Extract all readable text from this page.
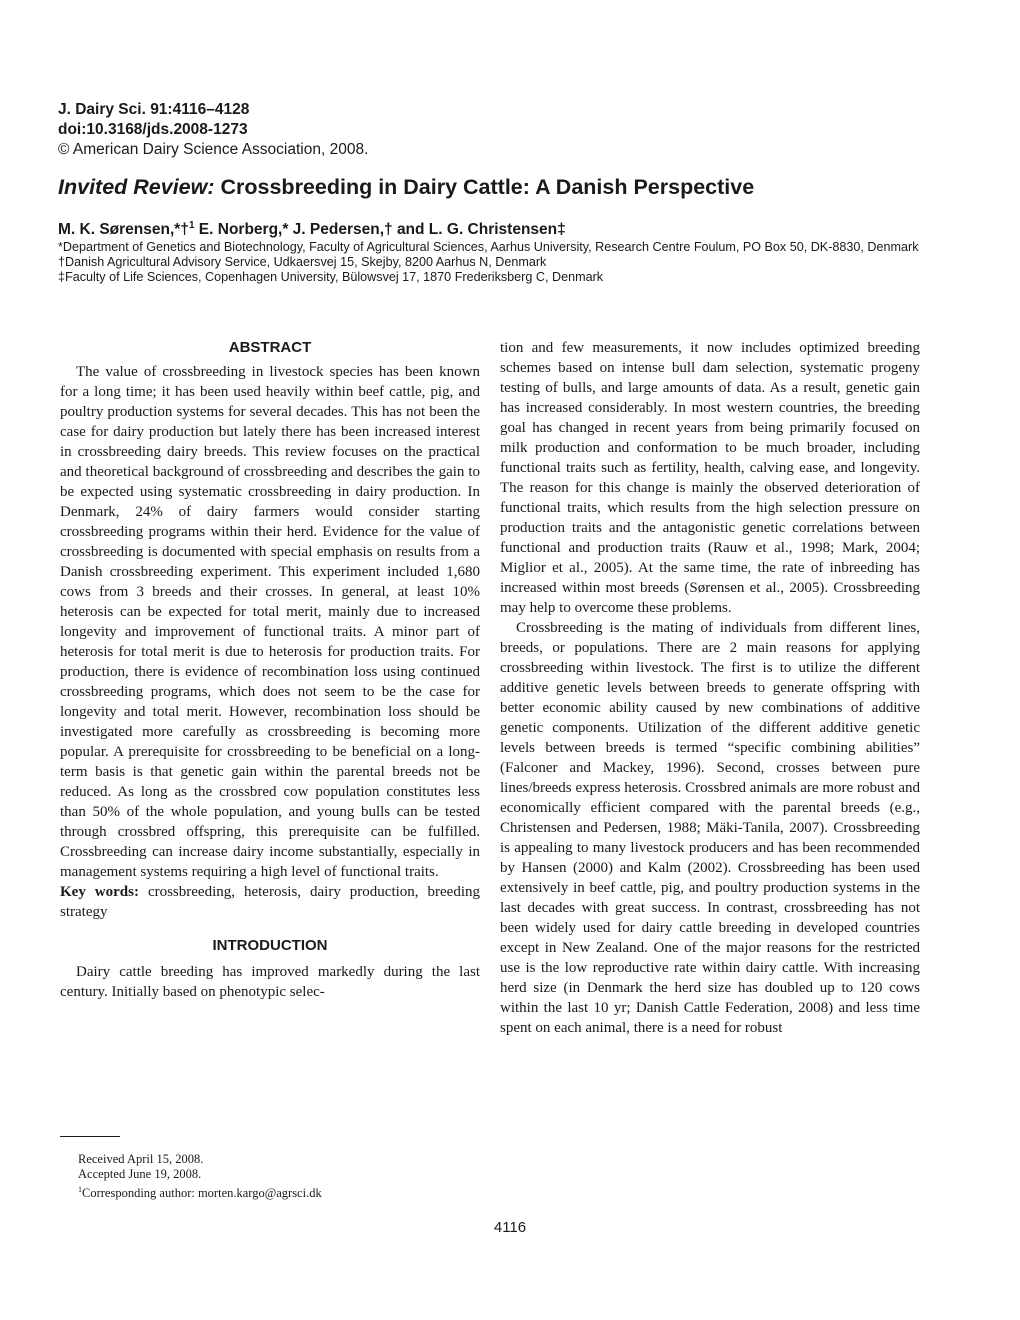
J. Dairy Sci. 91:4116–4128
doi:10.3168/jds.2008-1273
© American Dairy Science Association, 2008.
Invited Review: Crossbreeding in Dairy Cattle: A Danish Perspective
M. K. Sørensen,*†$^1$ E. Norberg,* J. Pedersen,† and L. G. Christensen‡
*Department of Genetics and Biotechnology, Faculty of Agricultural Sciences, Aarhus University, Research Centre Foulum, PO Box 50, DK-8830, Denmark
†Danish Agricultural Advisory Service, Udkaersvej 15, Skejby, 8200 Aarhus N, Denmark
‡Faculty of Life Sciences, Copenhagen University, Bülowsvej 17, 1870 Frederiksberg C, Denmark
ABSTRACT

The value of crossbreeding in livestock species has been known for a long time; it has been used heavily within beef cattle, pig, and poultry production systems for several decades. This has not been the case for dairy production but lately there has been increased interest in crossbreeding dairy breeds. This review focuses on the practical and theoretical background of crossbreeding and describes the gain to be expected using systematic crossbreeding in dairy production. In Denmark, 24% of dairy farmers would consider starting crossbreeding programs within their herd. Evidence for the value of crossbreeding is documented with special emphasis on results from a Danish crossbreeding experiment. This experiment included 1,680 cows from 3 breeds and their crosses. In general, at least 10% heterosis can be expected for total merit, mainly due to increased longevity and improvement of functional traits. A minor part of heterosis for total merit is due to heterosis for production traits. For production, there is evidence of recombination loss using continued crossbreeding programs, which does not seem to be the case for longevity and total merit. However, recombination loss should be investigated more carefully as crossbreeding is becoming more popular. A prerequisite for crossbreeding to be beneficial on a long-term basis is that genetic gain within the parental breeds not be reduced. As long as the crossbred cow population constitutes less than 50% of the whole population, and young bulls can be tested through crossbred offspring, this prerequisite can be fulfilled. Crossbreeding can increase dairy income substantially, especially in management systems requiring a high level of functional traits.

Key words: crossbreeding, heterosis, dairy production, breeding strategy

INTRODUCTION

Dairy cattle breeding has improved markedly during the last century. Initially based on phenotypic selec-

tion and few measurements, it now includes optimized breeding schemes based on intense bull dam selection, systematic progeny testing of bulls, and large amounts of data. As a result, genetic gain has increased considerably. In most western countries, the breeding goal has changed in recent years from being primarily focused on milk production and conformation to be much broader, including functional traits such as fertility, health, calving ease, and longevity. The reason for this change is mainly the observed deterioration of functional traits, which results from the high selection pressure on production traits and the antagonistic genetic correlations between functional and production traits (Rauw et al., 1998; Mark, 2004; Miglior et al., 2005). At the same time, the rate of inbreeding has increased within most breeds (Sørensen et al., 2005). Crossbreeding may help to overcome these problems.

Crossbreeding is the mating of individuals from different lines, breeds, or populations. There are 2 main reasons for applying crossbreeding within livestock. The first is to utilize the different additive genetic levels between breeds to generate offspring with better economic ability caused by new combinations of additive genetic components. Utilization of the different additive genetic levels between breeds is termed “specific combining abilities” (Falconer and Mackey, 1996). Second, crosses between pure lines/breeds express heterosis. Crossbred animals are more robust and economically efficient compared with the parental breeds (e.g., Christensen and Pedersen, 1988; Mäki-Tanila, 2007). Crossbreeding is appealing to many livestock producers and has been recommended by Hansen (2000) and Kalm (2002). Crossbreeding has been used extensively in beef cattle, pig, and poultry production systems in the last decades with great success. In contrast, crossbreeding has not been widely used for dairy cattle breeding in developed countries except in New Zealand. One of the major reasons for the restricted use is the low reproductive rate within dairy cattle. With increasing herd size (in Denmark the herd size has doubled up to 120 cows within the last 10 yr; Danish Cattle Federation, 2008) and less time spent on each animal, there is a need for robust

Received April 15, 2008.
Accepted June 19, 2008.
$^1$Corresponding author: morten.kargo@agrsci.dk
4116
